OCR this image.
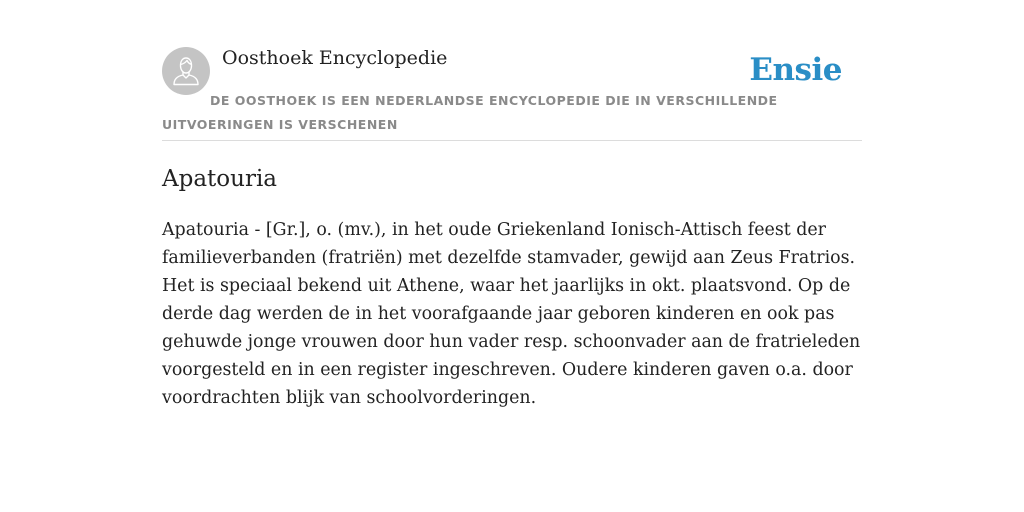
Oosthoek Encyclopedie	Ensie

DE OOSTHOEK IS EEN NEDERLANDSE ENCYCLOPEDIE DIE IN VERSCHILLENDE UITVOERINGEN IS VERSCHENEN

Apatouria

Apatouria - [Gr.], o. (mv.), in het oude Griekenland Ionisch-Attisch feest der familieverbanden (fratriën) met dezelfde stamvader, gewijd aan Zeus Fratrios. Het is speciaal bekend uit Athene, waar het jaarlijks in okt. plaatsvond. Op de derde dag werden de in het voorafgaande jaar geboren kinderen en ook pas gehuwde jonge vrouwen door hun vader resp. schoonvader aan de fratrieleden voorgesteld en in een register ingeschreven. Oudere kinderen gaven o.a. door voordrachten blijk van schoolvorderingen.
